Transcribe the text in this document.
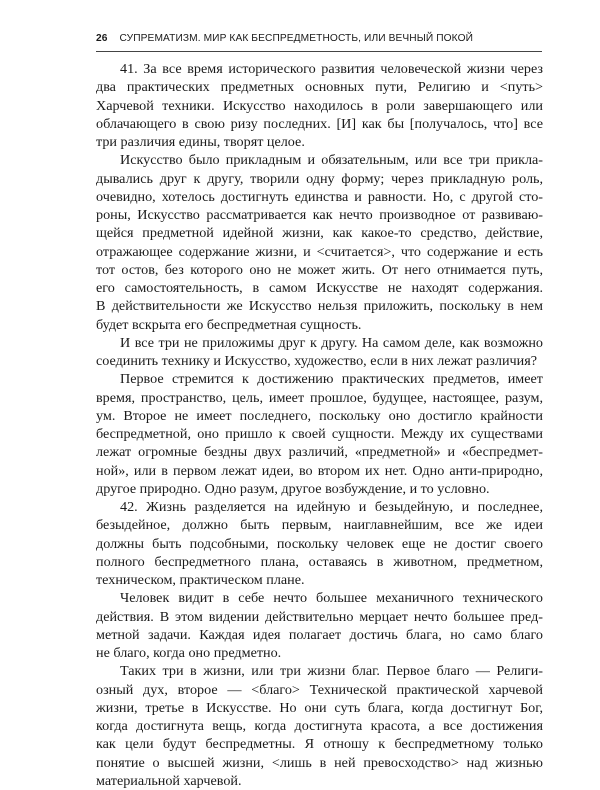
26 СУПРЕМАТИЗМ. МИР КАК БЕСПРЕДМЕТНОСТЬ, ИЛИ ВЕЧНЫЙ ПОКОЙ
41. За все время исторического развития человеческой жизни через
два практических предметных основных пути, Религию и <путь>
Харчевой техники. Искусство находилось в роли завершающего или
облачающего в свою ризу последних. [И] как бы [получалось, что] все
три различия едины, творят целое.
Искусство было прикладным и обязательным, или все три прикла-
дывались друг к другу, творили одну форму; через прикладную роль,
очевидно, хотелось достигнуть единства и равности. Но, с другой сто-
роны, Искусство рассматривается как нечто производное от развиваю-
щейся предметной идейной жизни, как какое-то средство, действие,
отражающее содержание жизни, и <считается>, что содержание и есть
тот остов, без которого оно не может жить. От него отнимается путь,
его самостоятельность, в самом Искусстве не находят содержания.
В действительности же Искусство нельзя приложить, поскольку в нем
будет вскрыта его беспредметная сущность.
И все три не приложимы друг к другу. На самом деле, как возможно
соединить технику и Искусство, художество, если в них лежат различия?
Первое стремится к достижению практических предметов, имеет
время, пространство, цель, имеет прошлое, будущее, настоящее, разум,
ум. Второе не имеет последнего, поскольку оно достигло крайности
беспредметной, оно пришло к своей сущности. Между их существами
лежат огромные бездны двух различий, «предметной» и «беспредмет-
ной», или в первом лежат идеи, во втором их нет. Одно анти-природно,
другое природно. Одно разум, другое возбуждение, и то условно.
42. Жизнь разделяется на идейную и безыдейную, и последнее,
безыдейное, должно быть первым, наиглавнейшим, все же идеи
должны быть подсобными, поскольку человек еще не достиг своего
полного беспредметного плана, оставаясь в животном, предметном,
техническом, практическом плане.
Человек видит в себе нечто большее механичного технического
действия. В этом видении действительно мерцает нечто большее пред-
метной задачи. Каждая идея полагает достичь блага, но само благо
не благо, когда оно предметно.
Таких три в жизни, или три жизни благ. Первое благо — Религи-
озный дух, второе — <благо> Технической практической харчевой
жизни, третье в Искусстве. Но они суть блага, когда достигнут Бог,
когда достигнута вещь, когда достигнута красота, а все достижения
как цели будут беспредметны. Я отношу к беспредметному только
понятие о высшей жизни, <лишь в ней превосходство> над жизнью
материальной харчевой.
